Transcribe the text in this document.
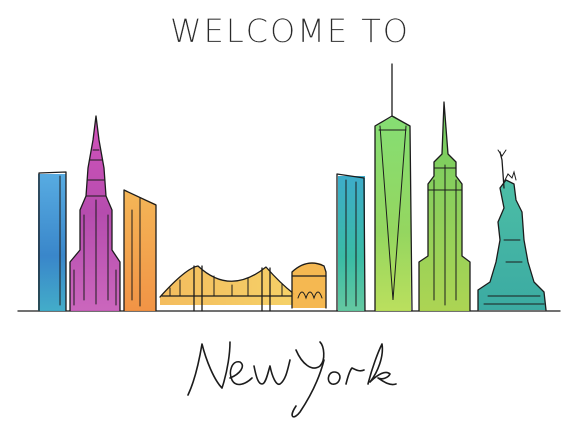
WELCOME TO
New York
